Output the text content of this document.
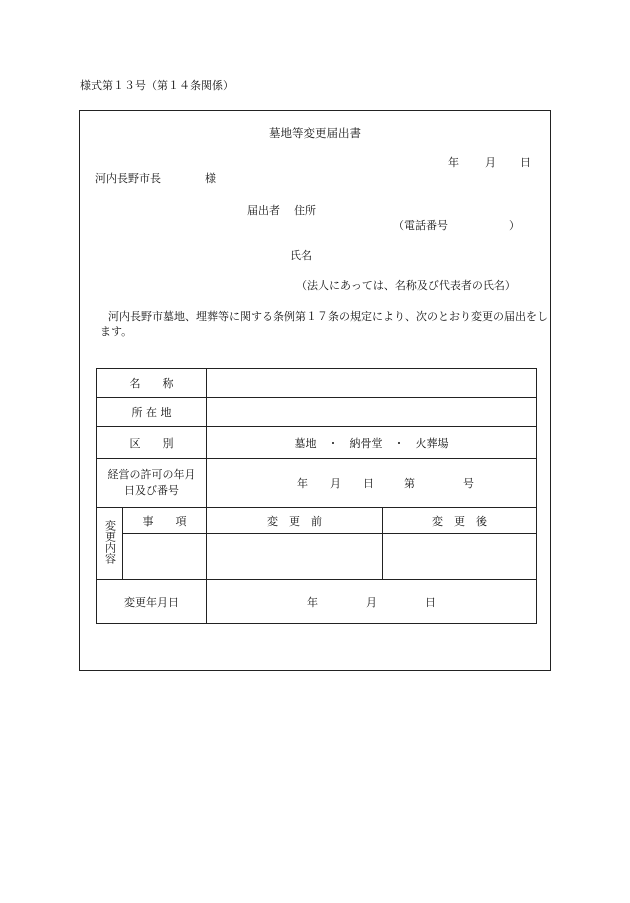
様式第１３号（第１４条関係）
墓地等変更届出書
年 月 日
河内長野市長	様
届出者 住所
（電話番号	）
氏名
（法人にあっては、名称及び代表者の氏名）
河内長野市墓地、埋葬等に関する条例第１７条の規定により、次のとおり変更の届出をします。
名　　称			
所 在 地			
区　　別		墓地　・　納骨堂　・　火葬場	
経営の許可の年月日及び番号		年 月 日 第 号	
変更内容	事　　項	変　更　前	変　更　後

変更年月日		年 月 日	
